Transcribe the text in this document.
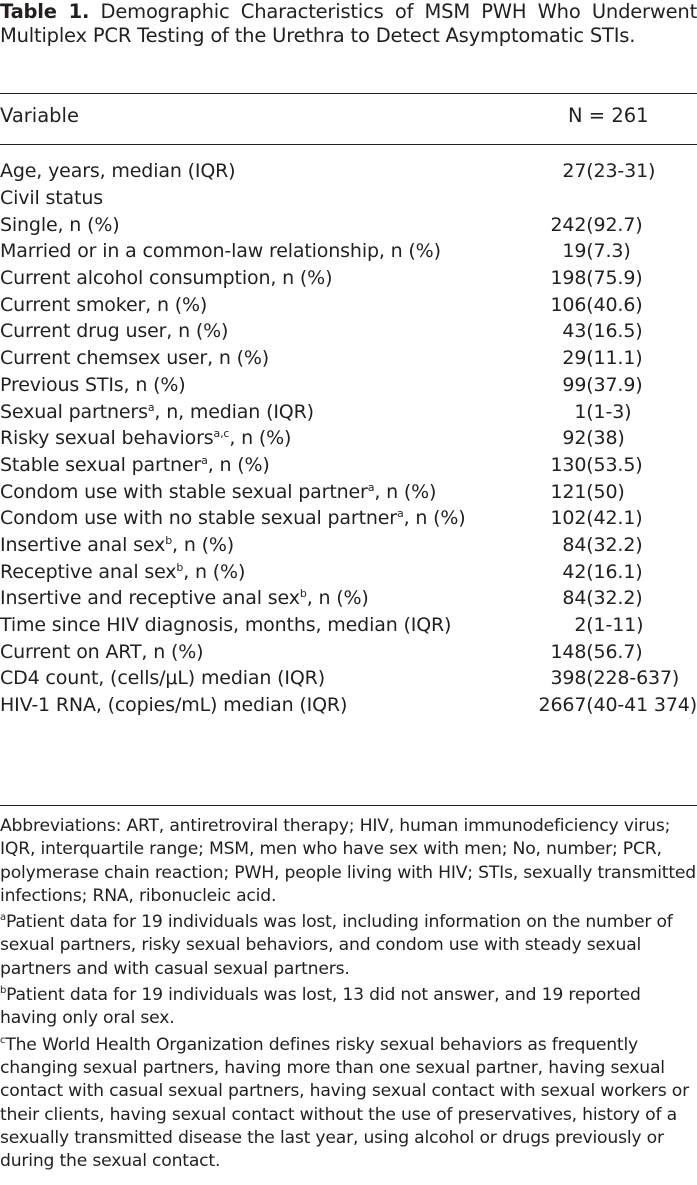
Table 1. Demographic Characteristics of MSM PWH Who Underwent Multiplex PCR Testing of the Urethra to Detect Asymptomatic STIs.
Variable	N = 261
Age, years, median (IQR)	27	(23-31)
Civil status		
Single, n (%)	242	(92.7)
Married or in a common-law relationship, n (%)	19	(7.3)
Current alcohol consumption, n (%)	198	(75.9)
Current smoker, n (%)	106	(40.6)
Current drug user, n (%)	43	(16.5)
Current chemsex user, n (%)	29	(11.1)
Previous STIs, n (%)	99	(37.9)
Sexual partners$^a$, n, median (IQR)	1	(1-3)
Risky sexual behaviors$^{a,c}$, n (%)	92	(38)
Stable sexual partner$^a$, n (%)	130	(53.5)
Condom use with stable sexual partner$^a$, n (%)	121	(50)
Condom use with no stable sexual partner$^a$, n (%)	102	(42.1)
Insertive anal sex$^b$, n (%)	84	(32.2)
Receptive anal sex$^b$, n (%)	42	(16.1)
Insertive and receptive anal sex$^b$, n (%)	84	(32.2)
Time since HIV diagnosis, months, median (IQR)	2	(1-11)
Current on ART, n (%)	148	(56.7)
CD4 count, (cells/μL) median (IQR)	398	(228-637)
HIV-1 RNA, (copies/mL) median (IQR)	2667	(40-41 374)

Abbreviations: ART, antiretroviral therapy; HIV, human immunodeficiency virus; IQR, interquartile range; MSM, men who have sex with men; No, number; PCR, polymerase chain reaction; PWH, people living with HIV; STIs, sexually transmitted infections; RNA, ribonucleic acid.

$^a$Patient data for 19 individuals was lost, including information on the number of sexual partners, risky sexual behaviors, and condom use with steady sexual partners and with casual sexual partners.

$^b$Patient data for 19 individuals was lost, 13 did not answer, and 19 reported having only oral sex.

$^c$The World Health Organization defines risky sexual behaviors as frequently changing sexual partners, having more than one sexual partner, having sexual contact with casual sexual partners, having sexual contact with sexual workers or their clients, having sexual contact without the use of preservatives, history of a sexually transmitted disease the last year, using alcohol or drugs previously or during the sexual contact.
